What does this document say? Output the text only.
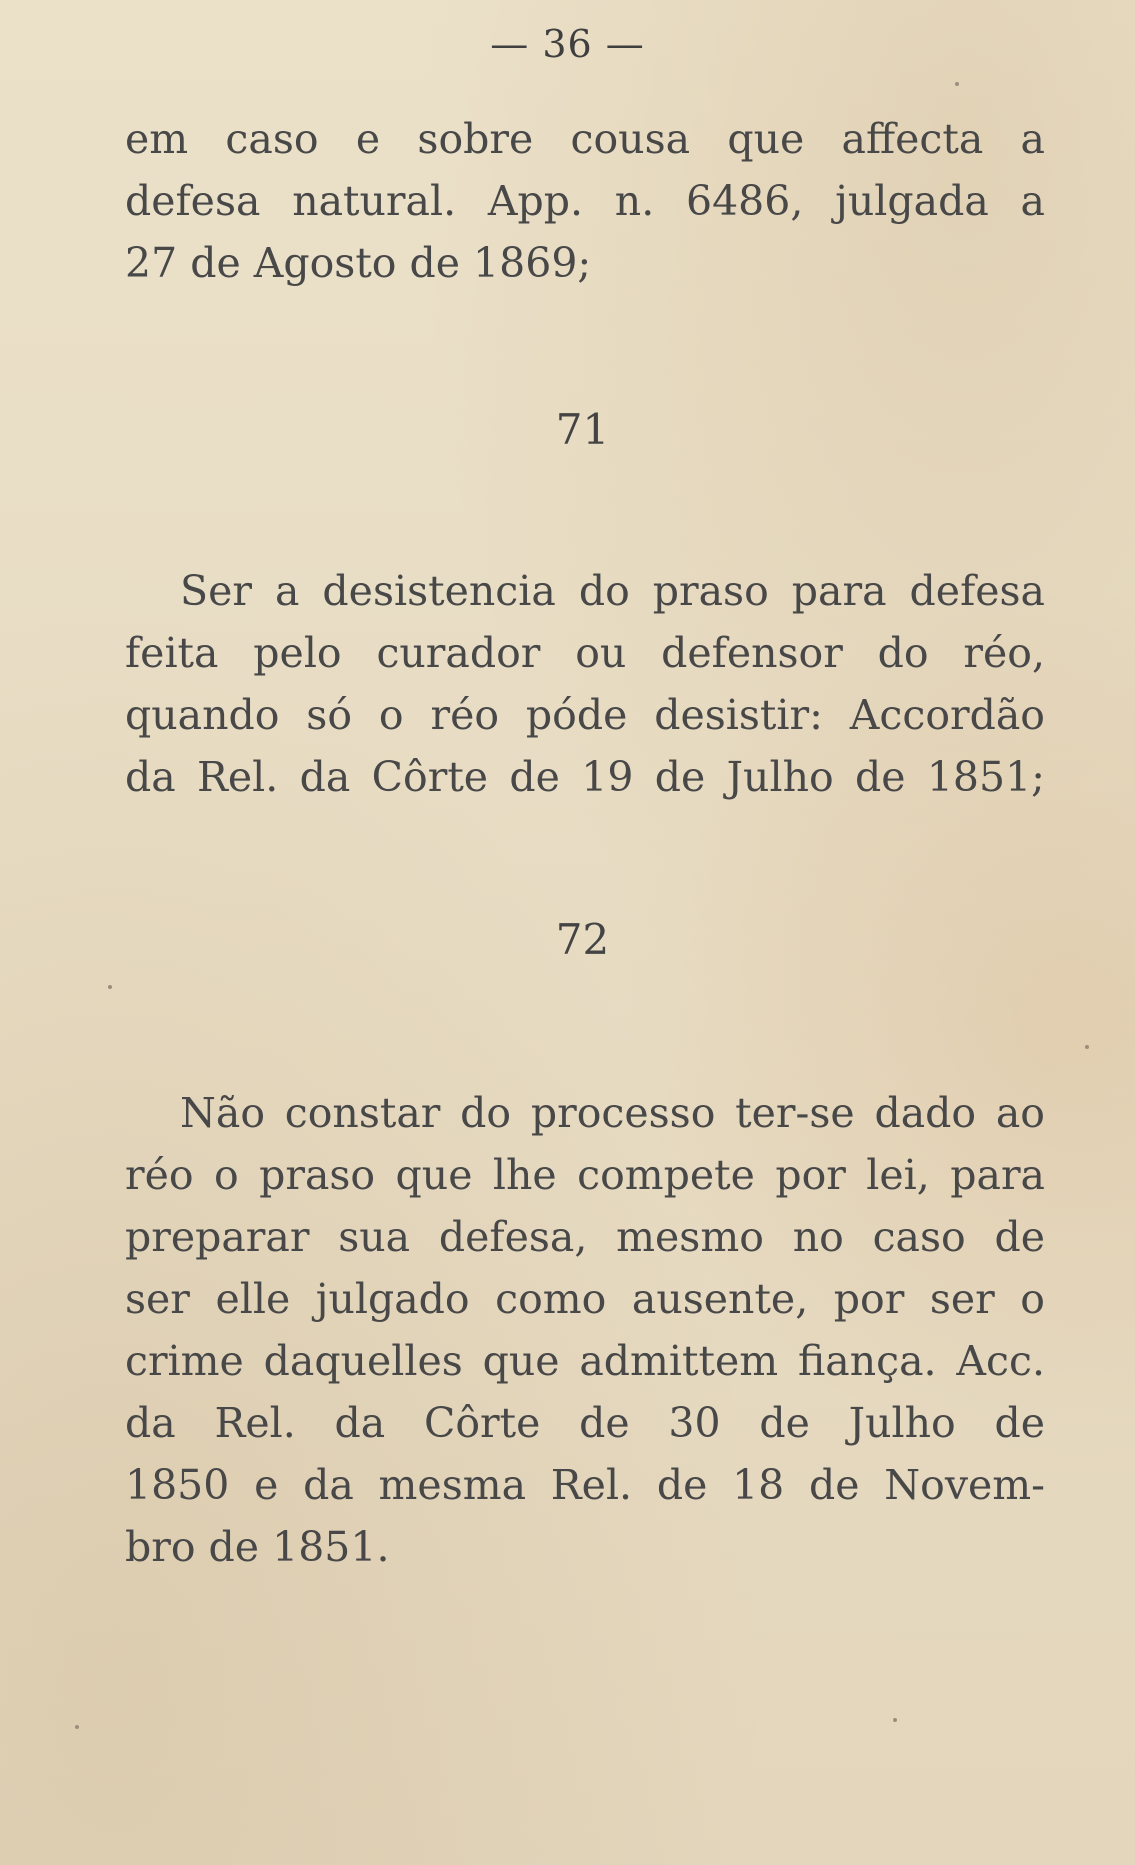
— 36 —
em caso e sobre cousa que affecta a
defesa natural. App. n. 6486, julgada a
27 de Agosto de 1869;
71
Ser a desistencia do praso para defesa
feita pelo curador ou defensor do réo,
quando só o réo póde desistir: Accordão
da Rel. da Côrte de 19 de Julho de 1851;
72
Não constar do processo ter-se dado ao
réo o praso que lhe compete por lei, para
preparar sua defesa, mesmo no caso de
ser elle julgado como ausente, por ser o
crime daquelles que admittem fiança. Acc.
da Rel. da Côrte de 30 de Julho de
1850 e da mesma Rel. de 18 de Novem-
bro de 1851.
